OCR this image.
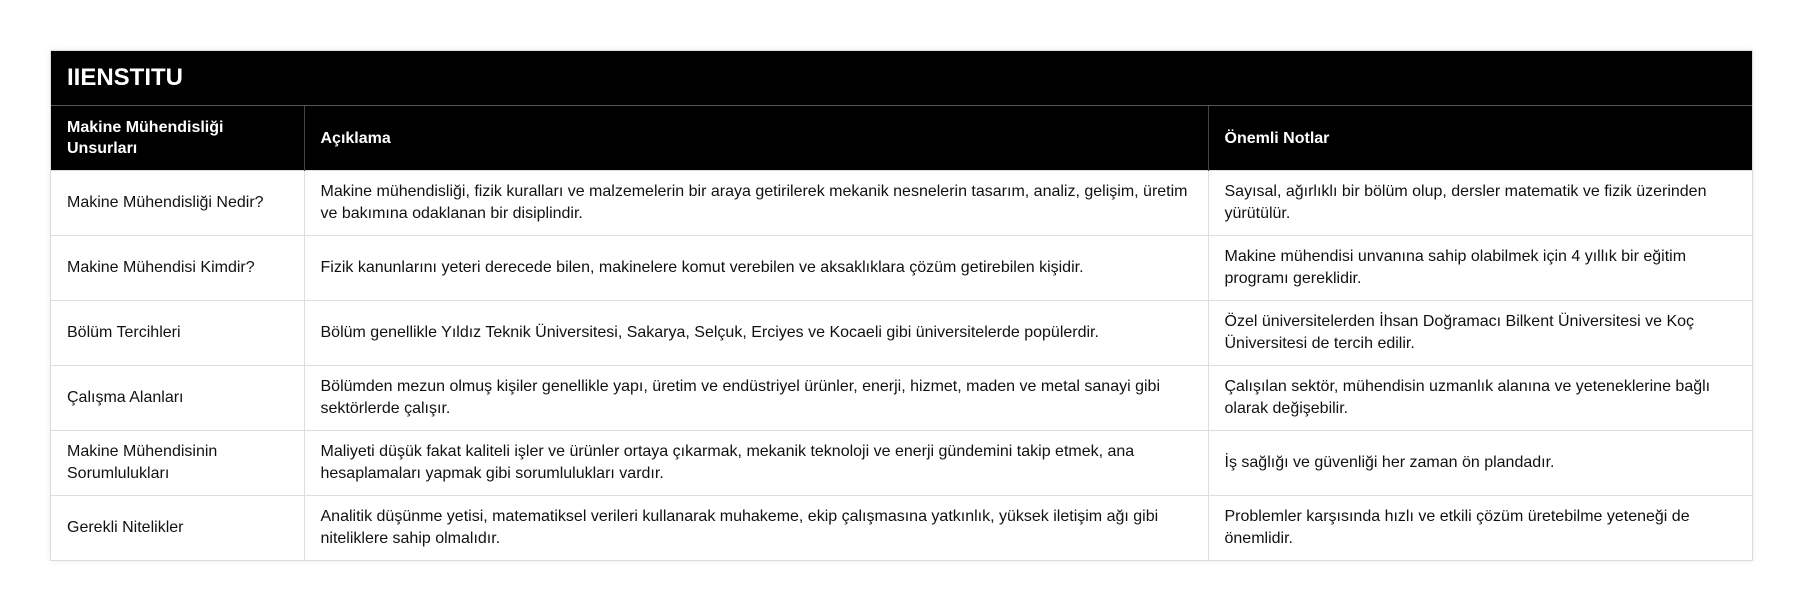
IIENSTITU
Makine Mühendisliği Unsurları	Açıklama	Önemli Notlar
Makine Mühendisliği Nedir?	Makine mühendisliği, fizik kuralları ve malzemelerin bir araya getirilerek mekanik nesnelerin tasarım, analiz, gelişim, üretim ve bakımına odaklanan bir disiplindir.	Sayısal, ağırlıklı bir bölüm olup, dersler matematik ve fizik üzerinden yürütülür.
Makine Mühendisi Kimdir?	Fizik kanunlarını yeteri derecede bilen, makinelere komut verebilen ve aksaklıklara çözüm getirebilen kişidir.	Makine mühendisi unvanına sahip olabilmek için 4 yıllık bir eğitim programı gereklidir.
Bölüm Tercihleri	Bölüm genellikle Yıldız Teknik Üniversitesi, Sakarya, Selçuk, Erciyes ve Kocaeli gibi üniversitelerde popülerdir.	Özel üniversitelerden İhsan Doğramacı Bilkent Üniversitesi ve Koç Üniversitesi de tercih edilir.
Çalışma Alanları	Bölümden mezun olmuş kişiler genellikle yapı, üretim ve endüstriyel ürünler, enerji, hizmet, maden ve metal sanayi gibi sektörlerde çalışır.	Çalışılan sektör, mühendisin uzmanlık alanına ve yeteneklerine bağlı olarak değişebilir.
Makine Mühendisinin Sorumlulukları	Maliyeti düşük fakat kaliteli işler ve ürünler ortaya çıkarmak, mekanik teknoloji ve enerji gündemini takip etmek, ana hesaplamaları yapmak gibi sorumlulukları vardır.	İş sağlığı ve güvenliği her zaman ön plandadır.
Gerekli Nitelikler	Analitik düşünme yetisi, matematiksel verileri kullanarak muhakeme, ekip çalışmasına yatkınlık, yüksek iletişim ağı gibi niteliklere sahip olmalıdır.	Problemler karşısında hızlı ve etkili çözüm üretebilme yeteneği de önemlidir.
